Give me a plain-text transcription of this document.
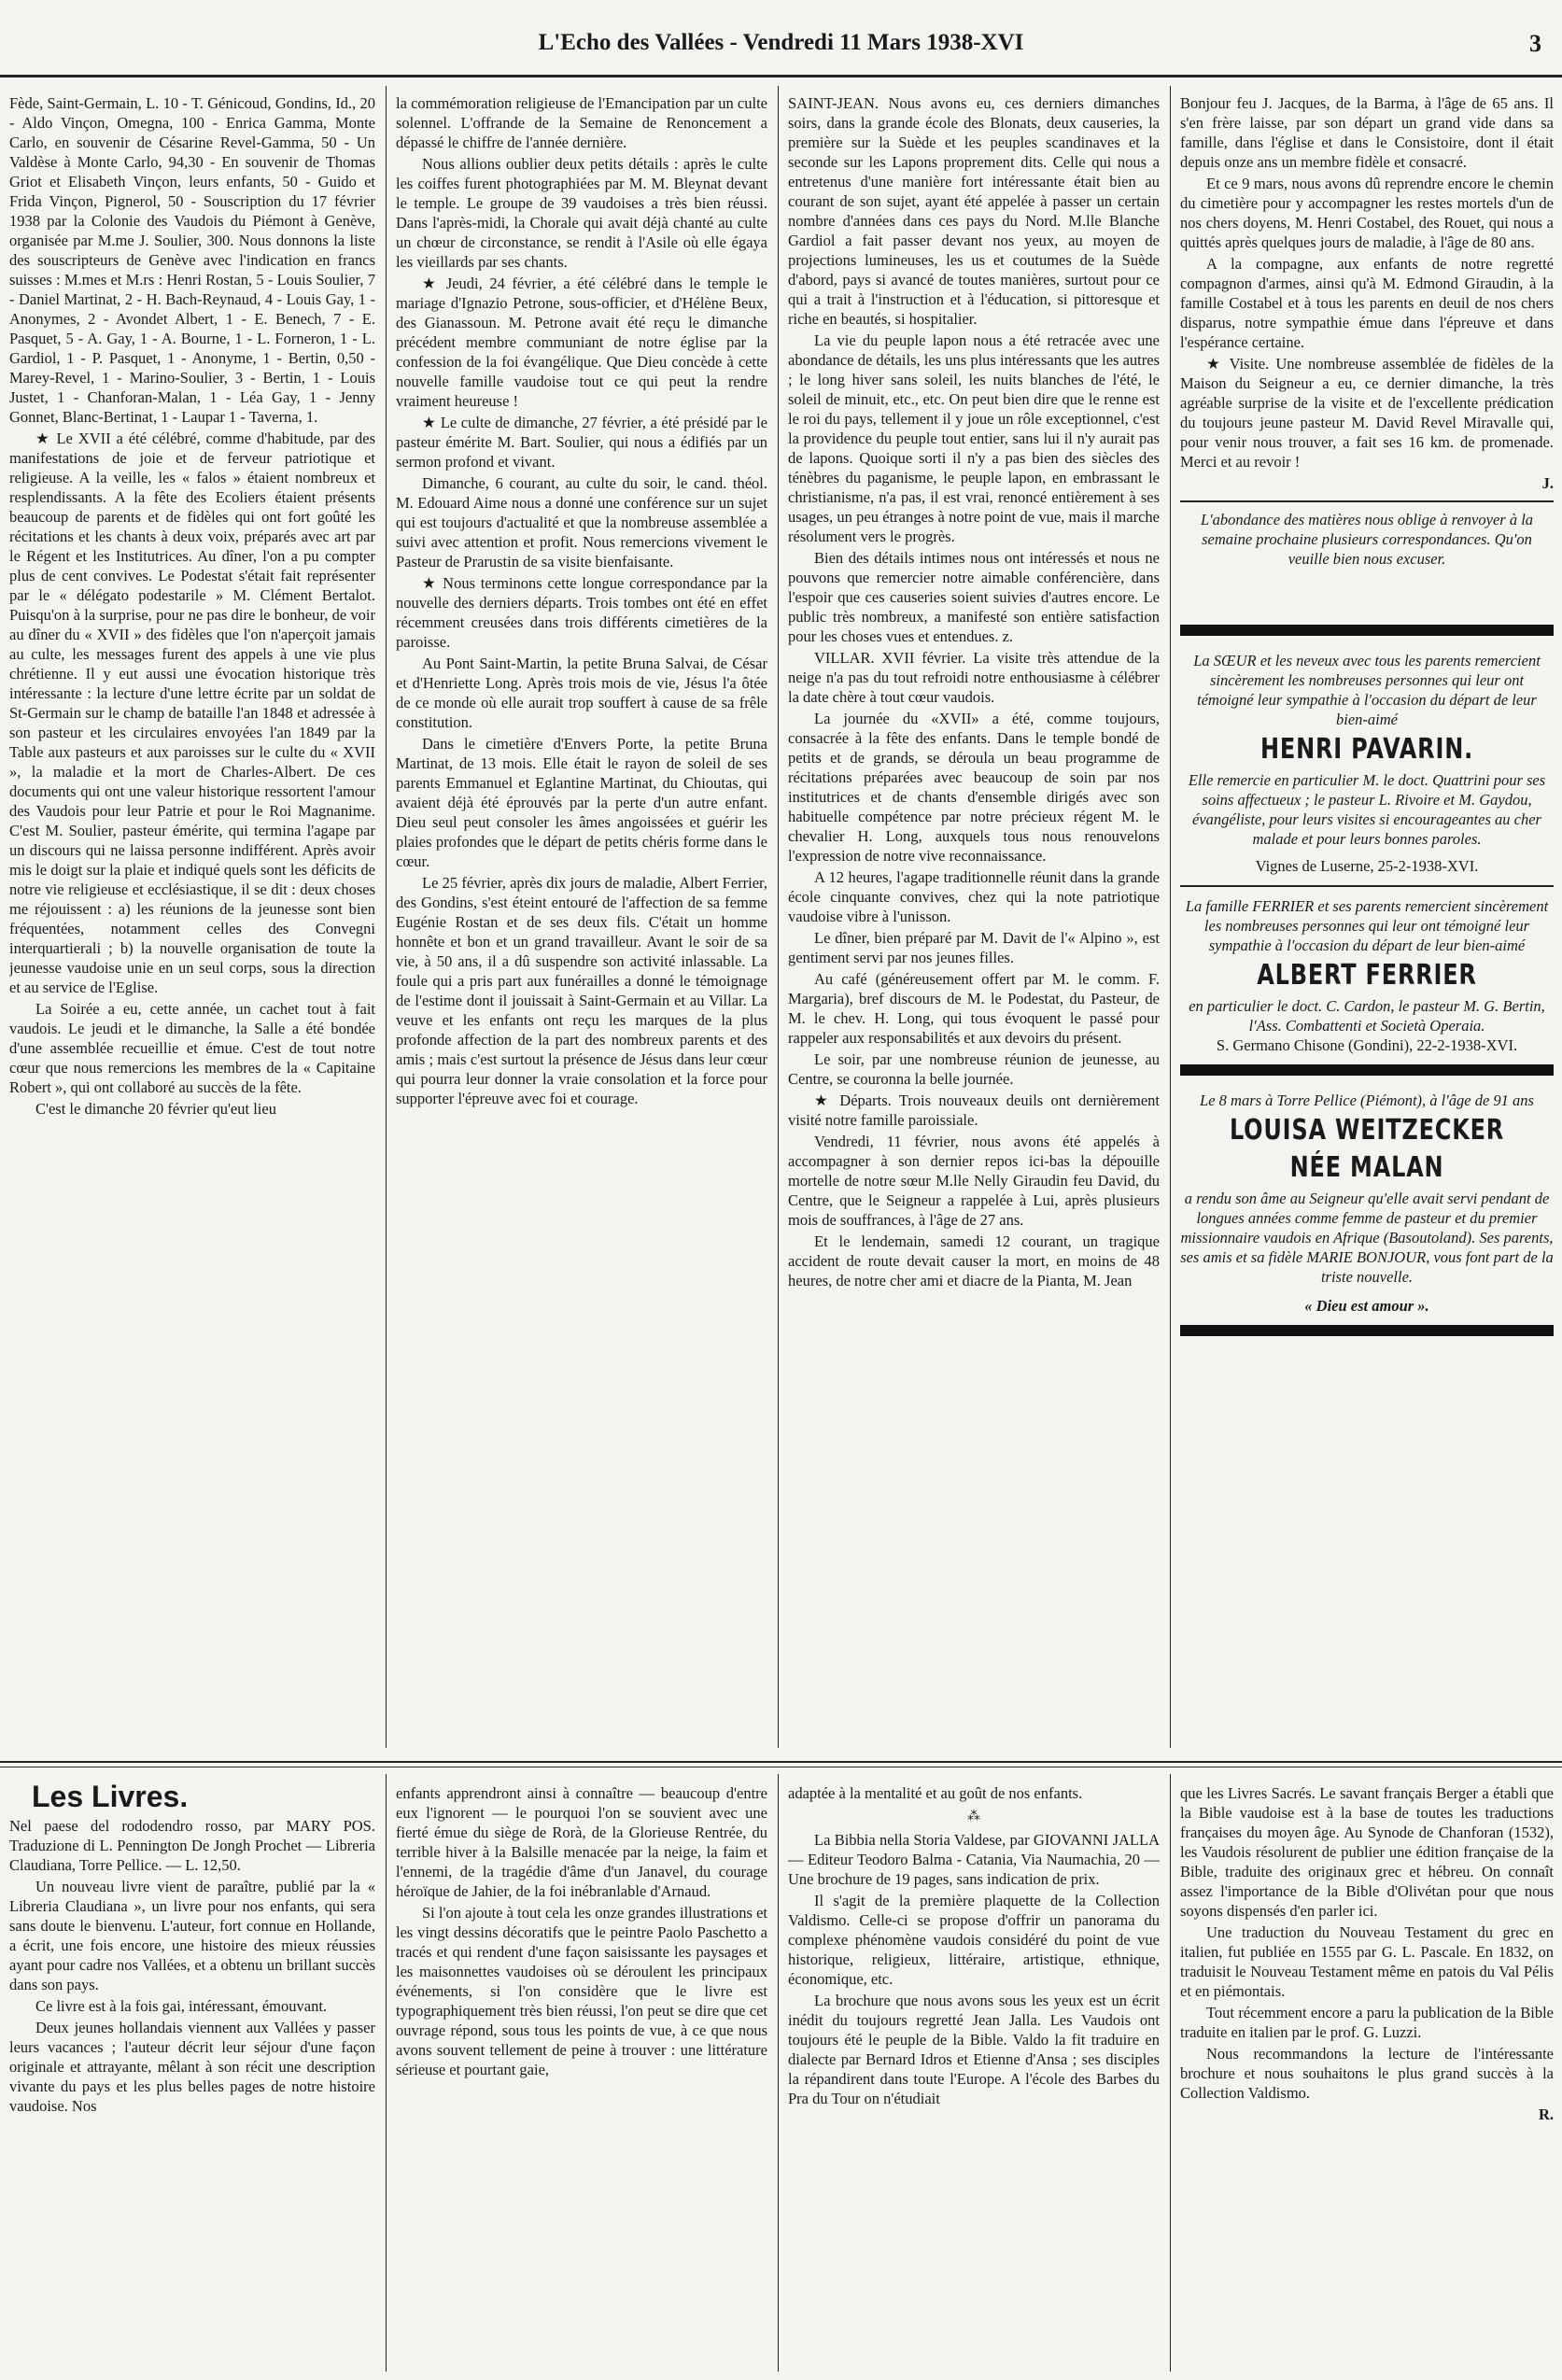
L'Echo des Vallées - Vendredi 11 Mars 1938-XVI	3

Fède, Saint-Germain, L. 10 - T. Génicoud, Gondins, Id., 20 - Aldo Vinçon, Omegna, 100 - Enrica Gamma, Monte Carlo, en souvenir de Césarine Revel-Gamma, 50 - Un Valdèse à Monte Carlo, 94,30 - En souvenir de Thomas Griot et Elisabeth Vinçon, leurs enfants, 50 - Guido et Frida Vinçon, Pignerol, 50 - Souscription du 17 février 1938 par la Colonie des Vaudois du Piémont à Genève, organisée par M.me J. Soulier, 300. Nous donnons la liste des souscripteurs de Genève avec l'indication en francs suisses : M.mes et M.rs : Henri Rostan, 5 - Louis Soulier, 7 - Daniel Martinat, 2 - H. Bach-Reynaud, 4 - Louis Gay, 1 - Anonymes, 2 - Avondet Albert, 1 - E. Benech, 7 - E. Pasquet, 5 - A. Gay, 1 - A. Bourne, 1 - L. Forneron, 1 - L. Gardiol, 1 - P. Pasquet, 1 - Anonyme, 1 - Bertin, 0,50 - Marey-Revel, 1 - Marino-Soulier, 3 - Bertin, 1 - Louis Justet, 1 - Chanforan-Malan, 1 - Léa Gay, 1 - Jenny Gonnet, Blanc-Bertinat, 1 - Laupar 1 - Taverna, 1.

★ Le XVII a été célébré, comme d'habitude, par des manifestations de joie et de ferveur patriotique et religieuse. A la veille, les « falos » étaient nombreux et resplendissants. A la fête des Ecoliers étaient présents beaucoup de parents et de fidèles qui ont fort goûté les récitations et les chants à deux voix, préparés avec art par le Régent et les Institutrices. Au dîner, l'on a pu compter plus de cent convives. Le Podestat s'était fait représenter par le « délégato podestarile » M. Clément Bertalot. Puisqu'on à la surprise, pour ne pas dire le bonheur, de voir au dîner du « XVII » des fidèles que l'on n'aperçoit jamais au culte, les messages furent des appels à une vie plus chrétienne. Il y eut aussi une évocation historique très intéressante : la lecture d'une lettre écrite par un soldat de St-Germain sur le champ de bataille l'an 1848 et adressée à son pasteur et les circulaires envoyées l'an 1849 par la Table aux pasteurs et aux paroisses sur le culte du « XVII », la maladie et la mort de Charles-Albert. De ces documents qui ont une valeur historique ressortent l'amour des Vaudois pour leur Patrie et pour le Roi Magnanime. C'est M. Soulier, pasteur émérite, qui termina l'agape par un discours qui ne laissa personne indifférent. Après avoir mis le doigt sur la plaie et indiqué quels sont les déficits de notre vie religieuse et ecclésiastique, il se dit : deux choses me réjouissent : a) les réunions de la jeunesse sont bien fréquentées, notamment celles des Convegni interquartierali ; b) la nouvelle organisation de toute la jeunesse vaudoise unie en un seul corps, sous la direction et au service de l'Eglise.

La Soirée a eu, cette année, un cachet tout à fait vaudois. Le jeudi et le dimanche, la Salle a été bondée d'une assemblée recueillie et émue. C'est de tout notre cœur que nous remercions les membres de la « Capitaine Robert », qui ont collaboré au succès de la fête.

C'est le dimanche 20 février qu'eut lieu

la commémoration religieuse de l'Emancipation par un culte solennel. L'offrande de la Semaine de Renoncement a dépassé le chiffre de l'année dernière.

Nous allions oublier deux petits détails : après le culte les coiffes furent photographiées par M. M. Bleynat devant le temple. Le groupe de 39 vaudoises a très bien réussi. Dans l'après-midi, la Chorale qui avait déjà chanté au culte un chœur de circonstance, se rendit à l'Asile où elle égaya les vieillards par ses chants.

★ Jeudi, 24 février, a été célébré dans le temple le mariage d'Ignazio Petrone, sous-officier, et d'Hélène Beux, des Gianassoun. M. Petrone avait été reçu le dimanche précédent membre communiant de notre église par la confession de la foi évangélique. Que Dieu concède à cette nouvelle famille vaudoise tout ce qui peut la rendre vraiment heureuse !

★ Le culte de dimanche, 27 février, a été présidé par le pasteur émérite M. Bart. Soulier, qui nous a édifiés par un sermon profond et vivant.

Dimanche, 6 courant, au culte du soir, le cand. théol. M. Edouard Aime nous a donné une conférence sur un sujet qui est toujours d'actualité et que la nombreuse assemblée a suivi avec attention et profit. Nous remercions vivement le Pasteur de Prarustin de sa visite bienfaisante.

★ Nous terminons cette longue correspondance par la nouvelle des derniers départs. Trois tombes ont été en effet récemment creusées dans trois différents cimetières de la paroisse.

Au Pont Saint-Martin, la petite Bruna Salvai, de César et d'Henriette Long. Après trois mois de vie, Jésus l'a ôtée de ce monde où elle aurait trop souffert à cause de sa frêle constitution.

Dans le cimetière d'Envers Porte, la petite Bruna Martinat, de 13 mois. Elle était le rayon de soleil de ses parents Emmanuel et Eglantine Martinat, du Chioutas, qui avaient déjà été éprouvés par la perte d'un autre enfant. Dieu seul peut consoler les âmes angoissées et guérir les plaies profondes que le départ de petits chéris forme dans le cœur.

Le 25 février, après dix jours de maladie, Albert Ferrier, des Gondins, s'est éteint entouré de l'affection de sa femme Eugénie Rostan et de ses deux fils. C'était un homme honnête et bon et un grand travailleur. Avant le soir de sa vie, à 50 ans, il a dû suspendre son activité inlassable. La foule qui a pris part aux funérailles a donné le témoignage de l'estime dont il jouissait à Saint-Germain et au Villar. La veuve et les enfants ont reçu les marques de la plus profonde affection de la part des nombreux parents et des amis ; mais c'est surtout la présence de Jésus dans leur cœur qui pourra leur donner la vraie consolation et la force pour supporter l'épreuve avec foi et courage.

SAINT-JEAN. Nous avons eu, ces derniers dimanches soirs, dans la grande école des Blonats, deux causeries, la première sur la Suède et les peuples scandinaves et la seconde sur les Lapons proprement dits. Celle qui nous a entretenus d'une manière fort intéressante était bien au courant de son sujet, ayant été appelée à passer un certain nombre d'années dans ces pays du Nord. M.lle Blanche Gardiol a fait passer devant nos yeux, au moyen de projections lumineuses, les us et coutumes de la Suède d'abord, pays si avancé de toutes manières, surtout pour ce qui a trait à l'instruction et à l'éducation, si pittoresque et riche en beautés, si hospitalier.

La vie du peuple lapon nous a été retracée avec une abondance de détails, les uns plus intéressants que les autres ; le long hiver sans soleil, les nuits blanches de l'été, le soleil de minuit, etc., etc. On peut bien dire que le renne est le roi du pays, tellement il y joue un rôle exceptionnel, c'est la providence du peuple tout entier, sans lui il n'y aurait pas de lapons. Quoique sorti il n'y a pas bien des siècles des ténèbres du paganisme, le peuple lapon, en embrassant le christianisme, n'a pas, il est vrai, renoncé entièrement à ses usages, un peu étranges à notre point de vue, mais il marche résolument vers le progrès.

Bien des détails intimes nous ont intéressés et nous ne pouvons que remercier notre aimable conférencière, dans l'espoir que ces causeries soient suivies d'autres encore. Le public très nombreux, a manifesté son entière satisfaction pour les choses vues et entendues. z.

VILLAR. XVII février. La visite très attendue de la neige n'a pas du tout refroidi notre enthousiasme à célébrer la date chère à tout cœur vaudois.

La journée du «XVII» a été, comme toujours, consacrée à la fête des enfants. Dans le temple bondé de petits et de grands, se déroula un beau programme de récitations préparées avec beaucoup de soin par nos institutrices et de chants d'ensemble dirigés avec son habituelle compétence par notre précieux régent M. le chevalier H. Long, auxquels tous nous renouvelons l'expression de notre vive reconnaissance.

A 12 heures, l'agape traditionnelle réunit dans la grande école cinquante convives, chez qui la note patriotique vaudoise vibre à l'unisson.

Le dîner, bien préparé par M. Davit de l'« Alpino », est gentiment servi par nos jeunes filles.

Au café (généreusement offert par M. le comm. F. Margaria), bref discours de M. le Podestat, du Pasteur, de M. le chev. H. Long, qui tous évoquent le passé pour rappeler aux responsabilités et aux devoirs du présent.

Le soir, par une nombreuse réunion de jeunesse, au Centre, se couronna la belle journée.

★ Départs. Trois nouveaux deuils ont dernièrement visité notre famille paroissiale.

Vendredi, 11 février, nous avons été appelés à accompagner à son dernier repos ici-bas la dépouille mortelle de notre sœur M.lle Nelly Giraudin feu David, du Centre, que le Seigneur a rappelée à Lui, après plusieurs mois de souffrances, à l'âge de 27 ans.

Et le lendemain, samedi 12 courant, un tragique accident de route devait causer la mort, en moins de 48 heures, de notre cher ami et diacre de la Pianta, M. Jean

Bonjour feu J. Jacques, de la Barma, à l'âge de 65 ans. Il s'en frère laisse, par son départ un grand vide dans sa famille, dans l'église et dans le Consistoire, dont il était depuis onze ans un membre fidèle et consacré.

Et ce 9 mars, nous avons dû reprendre encore le chemin du cimetière pour y accompagner les restes mortels d'un de nos chers doyens, M. Henri Costabel, des Rouet, qui nous a quittés après quelques jours de maladie, à l'âge de 80 ans.

A la compagne, aux enfants de notre regretté compagnon d'armes, ainsi qu'à M. Edmond Giraudin, à la famille Costabel et à tous les parents en deuil de nos chers disparus, notre sympathie émue dans l'épreuve et dans l'espérance certaine.

★ Visite. Une nombreuse assemblée de fidèles de la Maison du Seigneur a eu, ce dernier dimanche, la très agréable surprise de la visite et de l'excellente prédication du toujours jeune pasteur M. David Revel Miravalle qui, pour venir nous trouver, a fait ses 16 km. de promenade. Merci et au revoir !

J.
L'abondance des matières nous oblige à renvoyer à la semaine prochaine plusieurs correspondances. Qu'on veuille bien nous excuser.
La SŒUR et les neveux avec tous les parents remercient sincèrement les nombreuses personnes qui leur ont témoigné leur sympathie à l'occasion du départ de leur bien-aimé
HENRI PAVARIN.
Elle remercie en particulier M. le doct. Quattrini pour ses soins affectueux ; le pasteur L. Rivoire et M. Gaydou, évangéliste, pour leurs visites si encourageantes au cher malade et pour leurs bonnes paroles.
Vignes de Luserne, 25-2-1938-XVI.
La famille FERRIER et ses parents remercient sincèrement les nombreuses personnes qui leur ont témoigné leur sympathie à l'occasion du départ de leur bien-aimé
ALBERT FERRIER
en particulier le doct. C. Cardon, le pasteur M. G. Bertin, l'Ass. Combattenti et Società Operaia.
S. Germano Chisone (Gondini), 22-2-1938-XVI.
Le 8 mars à Torre Pellice (Piémont), à l'âge de 91 ans
LOUISA WEITZECKER
NÉE MALAN
a rendu son âme au Seigneur qu'elle avait servi pendant de longues années comme femme de pasteur et du premier missionnaire vaudois en Afrique (Basoutoland). Ses parents, ses amis et sa fidèle MARIE BONJOUR, vous font part de la triste nouvelle.
« Dieu est amour ».
Les Livres.

Nel paese del rododendro rosso, par MARY POS. Traduzione di L. Pennington De Jongh Prochet — Libreria Claudiana, Torre Pellice. — L. 12,50.

Un nouveau livre vient de paraître, publié par la « Libreria Claudiana », un livre pour nos enfants, qui sera sans doute le bienvenu. L'auteur, fort connue en Hollande, a écrit, une fois encore, une histoire des mieux réussies ayant pour cadre nos Vallées, et a obtenu un brillant succès dans son pays.

Ce livre est à la fois gai, intéressant, émouvant.

Deux jeunes hollandais viennent aux Vallées y passer leurs vacances ; l'auteur décrit leur séjour d'une façon originale et attrayante, mêlant à son récit une description vivante du pays et les plus belles pages de notre histoire vaudoise. Nos

enfants apprendront ainsi à connaître — beaucoup d'entre eux l'ignorent — le pourquoi l'on se souvient avec une fierté émue du siège de Rorà, de la Glorieuse Rentrée, du terrible hiver à la Balsille menacée par la neige, la faim et l'ennemi, de la tragédie d'âme d'un Janavel, du courage héroïque de Jahier, de la foi inébranlable d'Arnaud.

Si l'on ajoute à tout cela les onze grandes illustrations et les vingt dessins décoratifs que le peintre Paolo Paschetto a tracés et qui rendent d'une façon saisissante les paysages et les maisonnettes vaudoises où se déroulent les principaux événements, si l'on considère que le livre est typographiquement très bien réussi, l'on peut se dire que cet ouvrage répond, sous tous les points de vue, à ce que nous avons souvent tellement de peine à trouver : une littérature sérieuse et pourtant gaie,

adaptée à la mentalité et au goût de nos enfants.

⁂

La Bibbia nella Storia Valdese, par GIOVANNI JALLA — Editeur Teodoro Balma - Catania, Via Naumachia, 20 — Une brochure de 19 pages, sans indication de prix.

Il s'agit de la première plaquette de la Collection Valdismo. Celle-ci se propose d'offrir un panorama du complexe phénomène vaudois considéré du point de vue historique, religieux, littéraire, artistique, ethnique, économique, etc.

La brochure que nous avons sous les yeux est un écrit inédit du toujours regretté Jean Jalla. Les Vaudois ont toujours été le peuple de la Bible. Valdo la fit traduire en dialecte par Bernard Idros et Etienne d'Ansa ; ses disciples la répandirent dans toute l'Europe. A l'école des Barbes du Pra du Tour on n'étudiait

que les Livres Sacrés. Le savant français Berger a établi que la Bible vaudoise est à la base de toutes les traductions françaises du moyen âge. Au Synode de Chanforan (1532), les Vaudois résolurent de publier une édition française de la Bible, traduite des originaux grec et hébreu. On connaît assez l'importance de la Bible d'Olivétan pour que nous soyons dispensés d'en parler ici.

Une traduction du Nouveau Testament du grec en italien, fut publiée en 1555 par G. L. Pascale. En 1832, on traduisit le Nouveau Testament même en patois du Val Pélis et en piémontais.

Tout récemment encore a paru la publication de la Bible traduite en italien par le prof. G. Luzzi.

Nous recommandons la lecture de l'intéressante brochure et nous souhaitons le plus grand succès à la Collection Valdismo.

R.
